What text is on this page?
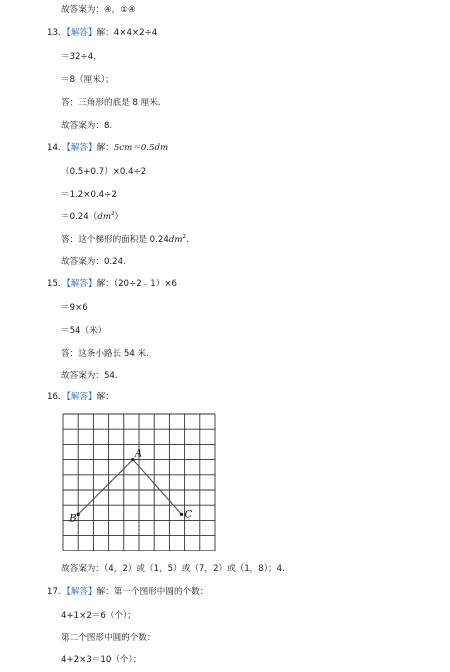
故答案为：④，①④
13．【解答】解：4×4×2÷4
＝32÷4，
＝8（厘米）；
答：三角形的底是 8 厘米.
故答案为：8.
14．【解答】解：5cm＝0.5dm
（0.5+0.7）×0.4÷2
＝1.2×0.4÷2
$=0.24(dm^2)$
答：这个梯形的面积是 $0.24dm^2$.
故答案为：0.24.
15．【解答】解：（20÷2﹣1）×6
＝9×6
＝54（米）
答：这条小路长 54 米.
故答案为：54.
16．【解答】解：
A
B	C
故答案为：（4，2）或（1，5）或（7，2）或（1，8）；4.
17．【解答】解：第一个图形中圆的个数：
4+1×2＝6（个）；
第二个图形中圆的个数：
4+2×3＝10（个）；
